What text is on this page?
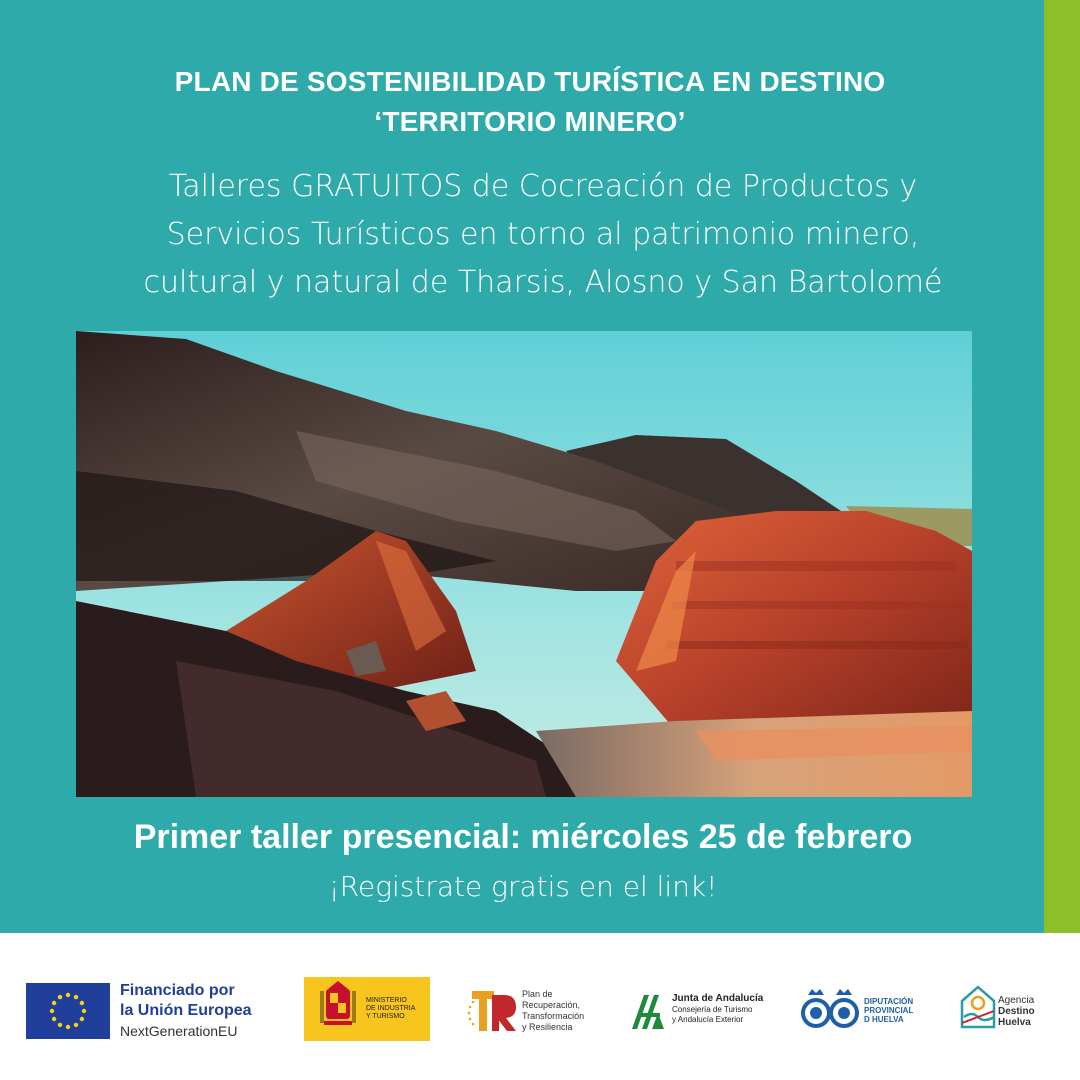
PLAN DE SOSTENIBILIDAD TURÍSTICA EN DESTINO
‘TERRITORIO MINERO’
Talleres GRATUITOS de Cocreación de Productos y
Servicios Turísticos en torno al patrimonio minero,
cultural y natural de Tharsis, Alosno y San Bartolomé
Primer taller presencial: miércoles 25 de febrero
¡Registrate gratis en el link!
Financiado por
la Unión Europea
NextGenerationEU
MINISTERIO
DE INDUSTRIA
Y TURISMO
Plan de
Recuperación,
Transformación
y Resiliencia
Junta de Andalucía
Consejería de Turismo
y Andalucía Exterior
DIPUTACIÓN
PROVINCIAL
D HUELVA
Agencia
Destino
Huelva
